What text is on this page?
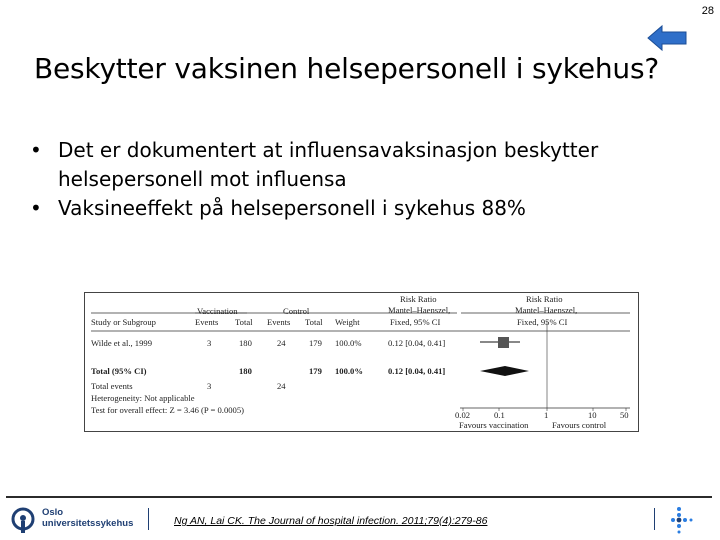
28
Beskytter vaksinen helsepersonell i sykehus?
•
Det er dokumentert at influensavaksinasjon beskytter helsepersonell mot influensa
•
Vaksineeffekt på helsepersonell i sykehus 88%
Vaccination	Control
Risk Ratio
Mantel–Haenszel,
Fixed, 95% CI
Risk Ratio
Mantel–Haenszel,
Fixed, 95% CI
Study or Subgroup	Events Total Events Total Weight
Wilde et al., 1999	3	180	24	179 100.0%	0.12 [0.04, 0.41]
Total (95% CI)	180	179 100.0%	0.12 [0.04, 0.41]
Total events	3	24
Heterogeneity: Not applicable
Test for overall effect: Z = 3.46 (P = 0.0005)	0.02	0.1	1	10	50
Favours vaccination	Favours control
Oslo
universitetssykehus	Ng AN, Lai CK. The Journal of hospital infection. 2011;79(4):279-86
